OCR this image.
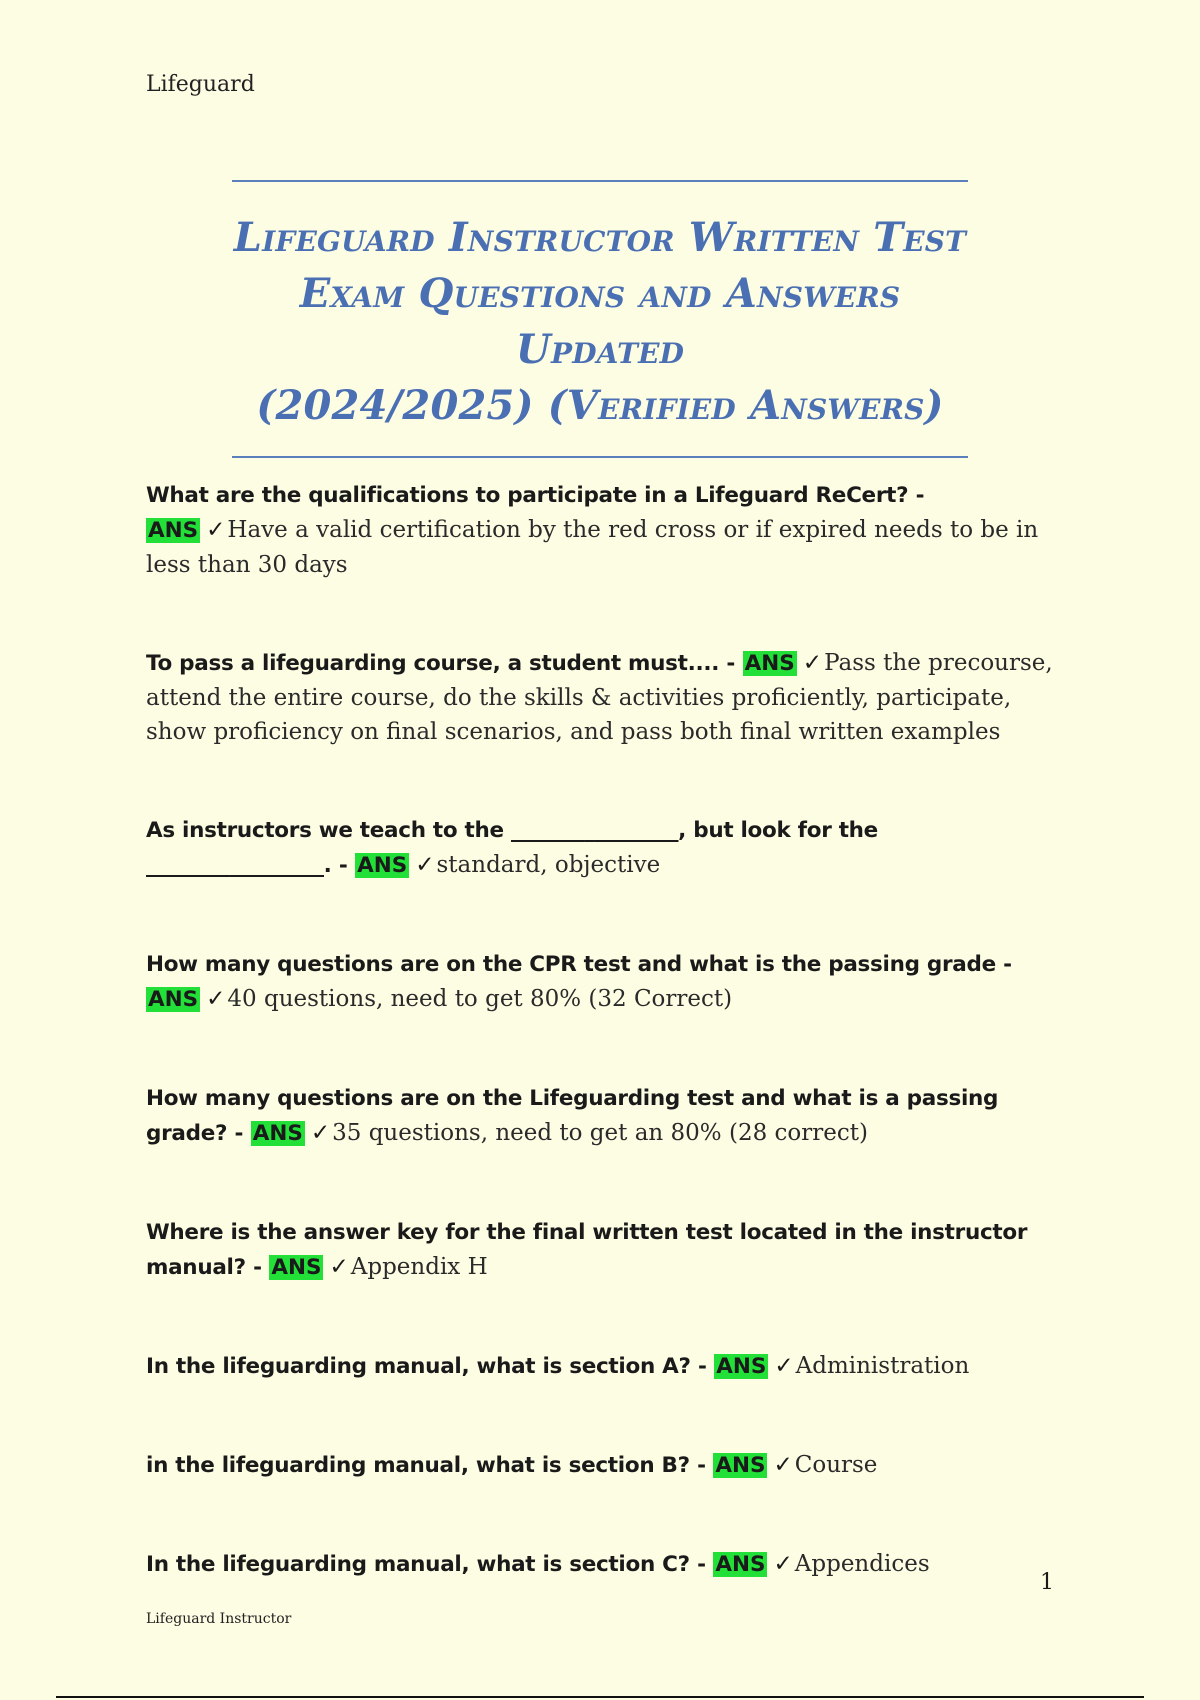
Lifeguard
Lifeguard Instructor Written Test
Exam Questions and Answers Updated
(2024/2025) (Verified Answers)

What are the qualifications to participate in a Lifeguard ReCert? - ANS ✓Have a valid certification by the red cross or if expired needs to be in less than 30 days

To pass a lifeguarding course, a student must.... - ANS ✓Pass the precourse, attend the entire course, do the skills & activities proficiently, participate, show proficiency on final scenarios, and pass both final written examples

As instructors we teach to the ________________, but look for the _________________. - ANS ✓standard, objective

How many questions are on the CPR test and what is the passing grade - ANS ✓40 questions, need to get 80% (32 Correct)

How many questions are on the Lifeguarding test and what is a passing grade? - ANS ✓35 questions, need to get an 80% (28 correct)

Where is the answer key for the final written test located in the instructor manual? - ANS ✓Appendix H

In the lifeguarding manual, what is section A? - ANS ✓Administration

in the lifeguarding manual, what is section B? - ANS ✓Course

In the lifeguarding manual, what is section C? - ANS ✓Appendices

1
Lifeguard Instructor
